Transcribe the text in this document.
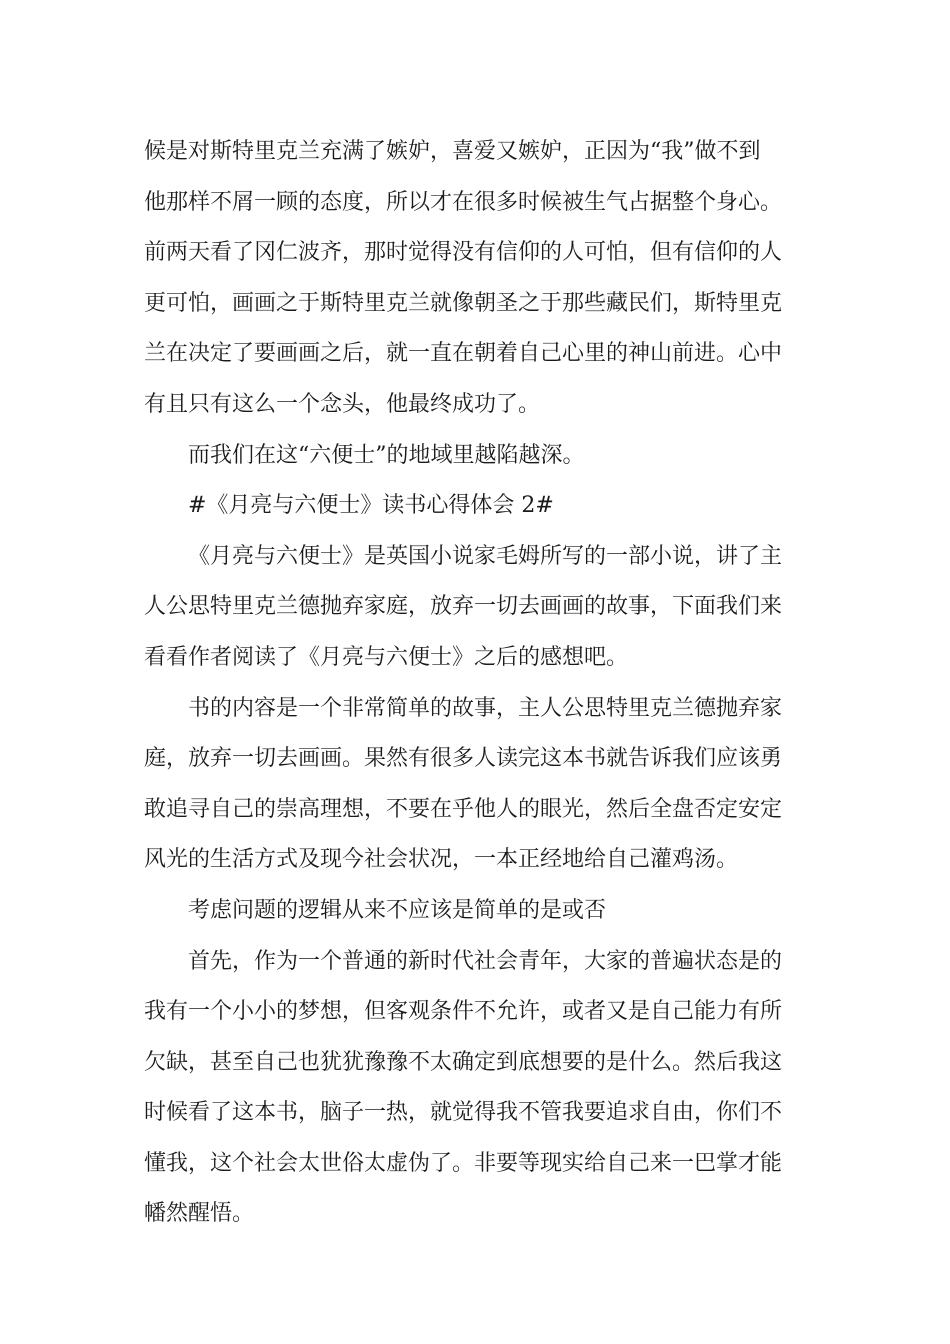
候是对斯特里克兰充满了嫉妒，喜爱又嫉妒，正因为“我”做不到
他那样不屑一顾的态度，所以才在很多时候被生气占据整个身心。
前两天看了冈仁波齐，那时觉得没有信仰的人可怕，但有信仰的人
更可怕，画画之于斯特里克兰就像朝圣之于那些藏民们，斯特里克
兰在决定了要画画之后，就一直在朝着自己心里的神山前进。心中
有且只有这么一个念头，他最终成功了。

而我们在这“六便士”的地域里越陷越深。

#《月亮与六便士》读书心得体会 2#

《月亮与六便士》是英国小说家毛姆所写的一部小说，讲了主
人公思特里克兰德抛弃家庭，放弃一切去画画的故事，下面我们来
看看作者阅读了《月亮与六便士》之后的感想吧。

书的内容是一个非常简单的故事，主人公思特里克兰德抛弃家
庭，放弃一切去画画。果然有很多人读完这本书就告诉我们应该勇
敢追寻自己的崇高理想，不要在乎他人的眼光，然后全盘否定安定
风光的生活方式及现今社会状况，一本正经地给自己灌鸡汤。

考虑问题的逻辑从来不应该是简单的是或否

首先，作为一个普通的新时代社会青年，大家的普遍状态是的
我有一个小小的梦想，但客观条件不允许，或者又是自己能力有所
欠缺，甚至自己也犹犹豫豫不太确定到底想要的是什么。然后我这
时候看了这本书，脑子一热，就觉得我不管我要追求自由，你们不
懂我，这个社会太世俗太虚伪了。非要等现实给自己来一巴掌才能
幡然醒悟。
